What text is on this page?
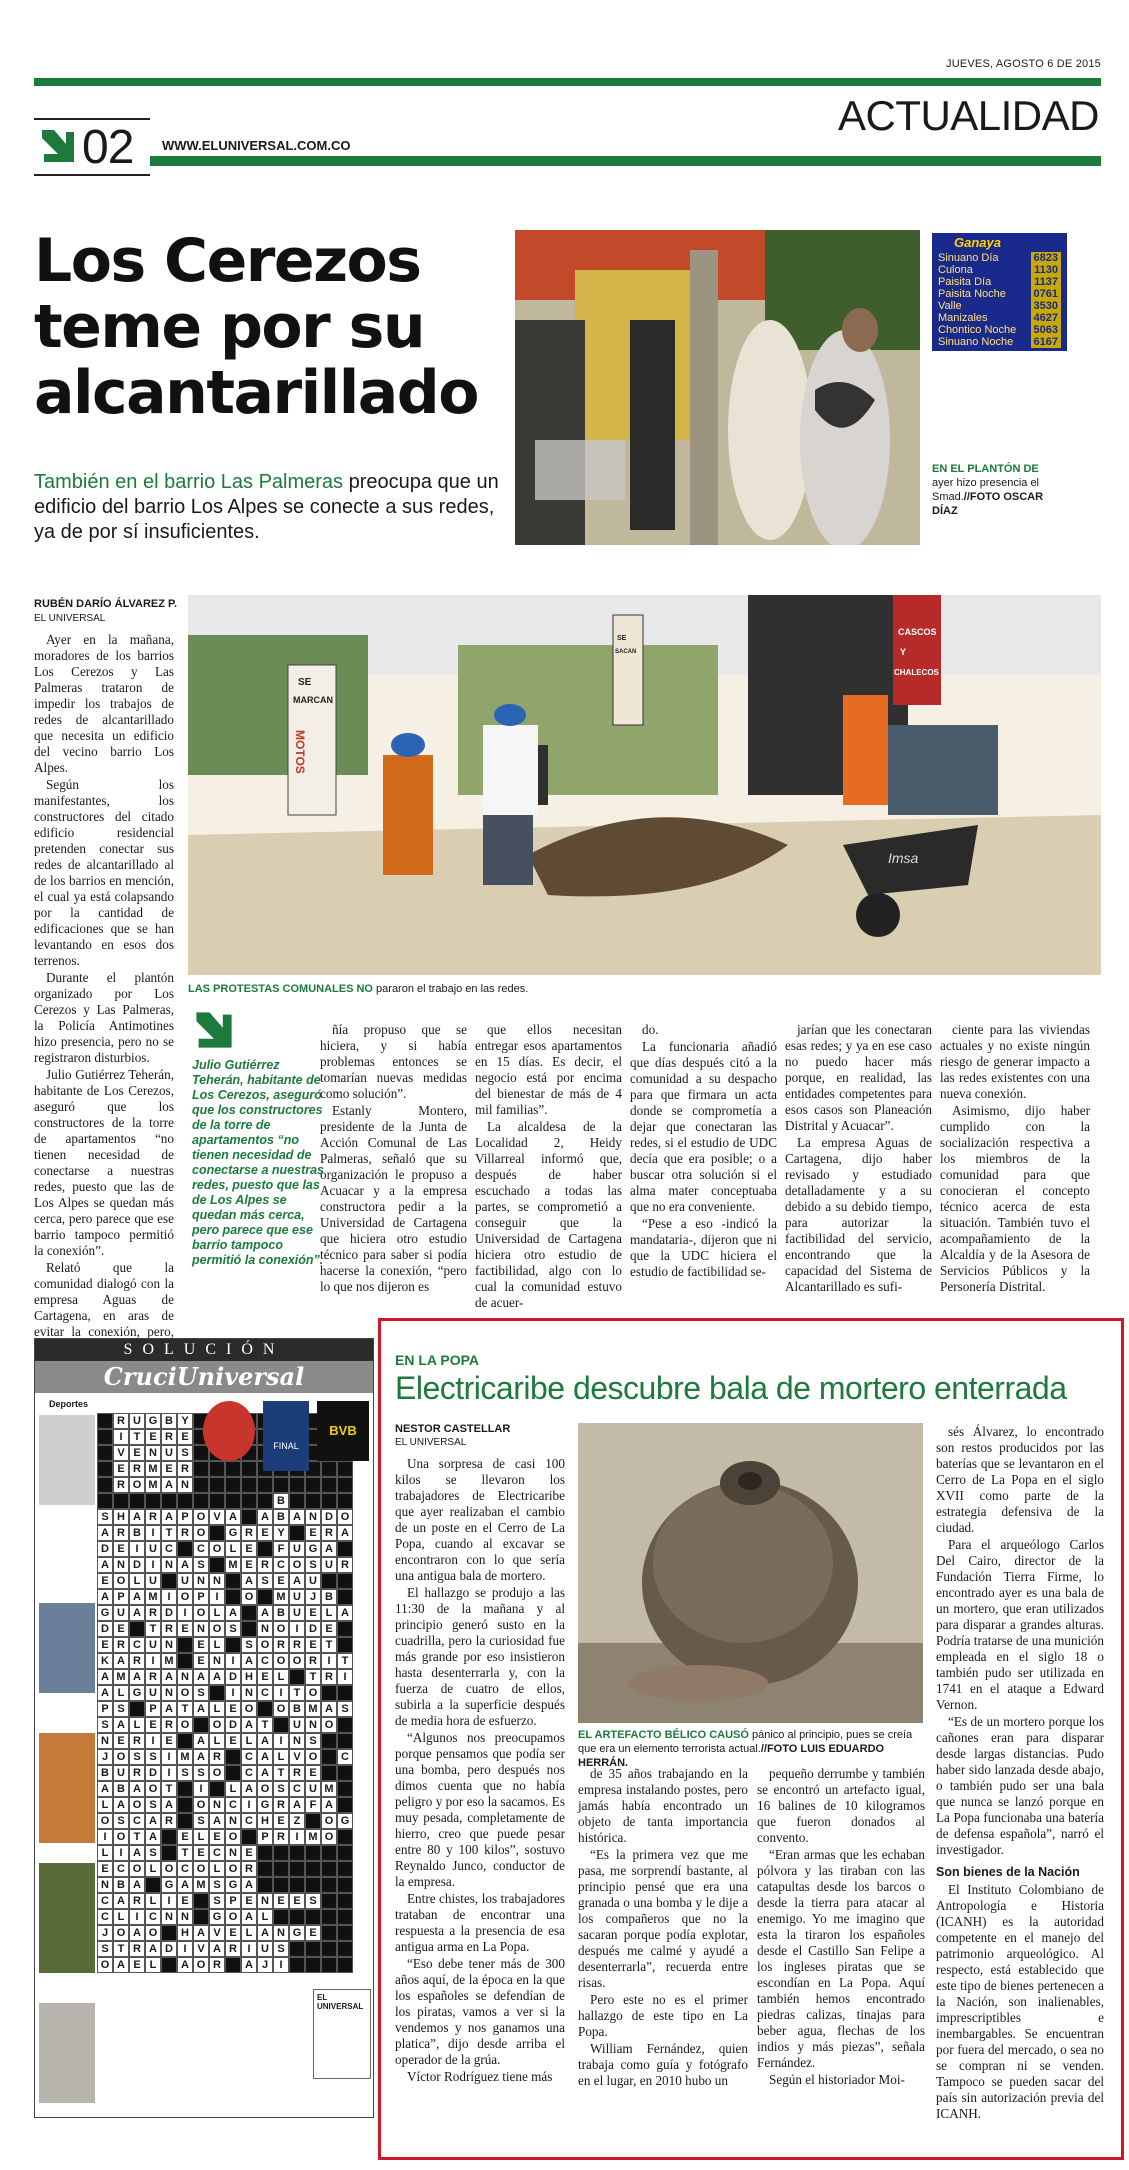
JUEVES, AGOSTO 6 DE 2015
ACTUALIDAD
02 WWW.ELUNIVERSAL.COM.CO
Los Cerezos
teme por su
alcantarillado
También en el barrio Las Palmeras preocupa que un edificio del barrio Los Alpes se conecte a sus redes, ya de por sí insuficientes.
Ganaya
Sinuano Día	6823
Culona	1130
Paisita Día	1137
Paisita Noche	0761
Valle	3530
Manizales	4627
Chontico Noche 5063
Sinuano Noche 6167
EN EL PLANTÓN DE ayer hizo presencia el Smad.//FOTO OSCAR DÍAZ
RUBÉN DARÍO ÁLVAREZ P.
EL UNIVERSAL

Ayer en la mañana, moradores de los barrios Los Cerezos y Las Palmeras trataron de impedir los trabajos de redes de alcantarillado que necesita un edificio del vecino barrio Los Alpes.

Según los manifestantes, los constructores del citado edificio residencial pretenden conectar sus redes de alcantarillado al de los barrios en mención, el cual ya está colapsando por la cantidad de edificaciones que se han levantando en esos dos terrenos.

Durante el plantón organizado por Los Cerezos y Las Palmeras, la Policía Antimotines hizo presencia, pero no se registraron disturbios.

Julio Gutiérrez Teherán, habitante de Los Cerezos, aseguró que los constructores de la torre de apartamentos “no tienen necesidad de conectarse a nuestras redes, puesto que las de Los Alpes se quedan más cerca, pero parece que ese barrio tampoco permitió la conexión”.

Relató que la comunidad dialogó con la empresa Aguas de Cartagena, en aras de evitar la conexión, pero,

SE
MARCAN
MOTOS
CASCOS
Y
CHALECOS
SE
SACAN
Imsa
LAS PROTESTAS COMUNALES NO pararon el trabajo en las redes.
Julio Gutiérrez Teherán, habitante de Los Cerezos, aseguró que los constructores de la torre de apartamentos “no tienen necesidad de conectarse a nuestras redes, puesto que las de Los Alpes se quedan más cerca, pero parece que ese barrio tampoco permitió la conexión”.

ñía propuso que se hiciera, y si había problemas entonces se tomarían nuevas medidas como solución”.

Estanly Montero, presidente de la Junta de Acción Comunal de Las Palmeras, señaló que su organización le propuso a Acuacar y a la empresa constructora pedir a la Universidad de Cartagena que hiciera otro estudio técnico para saber si podía hacerse la conexión, “pero lo que nos dijeron es

que ellos necesitan entregar esos apartamentos en 15 días. Es decir, el negocio está por encima del bienestar de más de 4 mil familias”.

La alcaldesa de la Localidad 2, Heidy Villarreal informó que, después de haber escuchado a todas las partes, se comprometió a conseguir que la Universidad de Cartagena hiciera otro estudio de factibilidad, algo con lo cual la comunidad estuvo de acuer-

do.

La funcionaria añadió que días después citó a la comunidad a su despacho para que firmara un acta donde se comprometía a dejar que conectaran las redes, si el estudio de UDC decía que era posible; o a buscar otra solución si el alma mater conceptuaba que no era conveniente.

“Pese a eso -indicó la mandataria-, dijeron que ni que la UDC hiciera el estudio de factibilidad se-

jarían que les conectaran esas redes; y ya en ese caso no puedo hacer más porque, en realidad, las entidades competentes para esos casos son Planeación Distrital y Acuacar”.

La empresa Aguas de Cartagena, dijo haber revisado y estudiado detalladamente y a su debido a su debido tiempo, para autorizar la factibilidad del servicio, encontrando que la capacidad del Sistema de Alcantarillado es sufi-

ciente para las viviendas actuales y no existe ningún riesgo de generar impacto a las redes existentes con una nueva conexión.

Asimismo, dijo haber cumplido con la socialización respectiva a los miembros de la comunidad para que conocieran el concepto técnico acerca de esta situación. También tuvo el acompañamiento de la Alcaldía y de la Asesora de Servicios Públicos y la Personería Distrital.

SOLUCIÓN
CruciUniversal
Deportes
R U G B Y
I	T E R E
V E N U S
E R M E R
R O M A N
B
S H A R A P O V A	A B A N D O
A R B I	T R O	G R E Y	E R A
D E I U C	C O L E	F U G A
A N D I N A S	M E R C O S U R
E O L U	U N N	A S E A U
A P A M I O P I	O	M U J B
G U A R D I O L A	A B U E L A
D E	T R E N O S	N O I D E
E R C U N	E L	S O R R E T
K A R I M	E N I A C O O R I	T
A M A R A N A A D H E L	T R I
A L G U N O S	I N C I	T O
P S	P A T A L E O	O B M A S
S A L E R O	O D A T	U N O
N E R I E	A L E L A I N S
J O S S I M A R	C A L V O	C
B U R D I S S O	C A T R E
A B A O T	I	L A O S C U M
L A O S A	O N C I G R A F A
O S C A R	S A N C H E Z	O G
I O T A	E L E O	P R I M O
L	I A S	T E C N E
E C O L O C O L O R
N B A	G A M S G A
C A R L	I E	S P E N E E S
C L	I C N N	G O A L
J O A O	H A V E L A N G E
S T R A D I V A R I U S
O A E L	A O R	A J	I
FINAL
BVB
EL UNIVERSAL
EN LA POPA
Electricaribe descubre bala de mortero enterrada
NESTOR CASTELLAR
EL UNIVERSAL

Una sorpresa de casi 100 kilos se llevaron los trabajadores de Electricaribe que ayer realizaban el cambio de un poste en el Cerro de La Popa, cuando al excavar se encontraron con lo que sería una antigua bala de mortero.

El hallazgo se produjo a las 11:30 de la mañana y al principio generó susto en la cuadrilla, pero la curiosidad fue más grande por eso insistieron hasta desenterrarla y, con la fuerza de cuatro de ellos, subirla a la superficie después de media hora de esfuerzo.

“Algunos nos preocupamos porque pensamos que podía ser una bomba, pero después nos dimos cuenta que no había peligro y por eso la sacamos. Es muy pesada, completamente de hierro, creo que puede pesar entre 80 y 100 kilos”, sostuvo Reynaldo Junco, conductor de la empresa.

Entre chistes, los trabajadores trataban de encontrar una respuesta a la presencia de esa antigua arma en La Popa.

“Eso debe tener más de 300 años aquí, de la época en la que los españoles se defendían de los piratas, vamos a ver si la vendemos y nos ganamos una platica”, dijo desde arriba el operador de la grúa.

Víctor Rodríguez tiene más

EL ARTEFACTO BÉLICO CAUSÓ pánico al principio, pues se creía que era un elemento terrorista actual.//FOTO LUIS EDUARDO HERRÁN.

de 35 años trabajando en la empresa instalando postes, pero jamás había encontrado un objeto de tanta importancia histórica.

“Es la primera vez que me pasa, me sorprendí bastante, al principio pensé que era una granada o una bomba y le dije a los compañeros que no la sacaran porque podía explotar, después me calmé y ayudé a desenterrarla”, recuerda entre risas.

Pero este no es el primer hallazgo de este tipo en La Popa.

William Fernández, quien trabaja como guía y fotógrafo en el lugar, en 2010 hubo un

pequeño derrumbe y también se encontró un artefacto igual, 16 balines de 10 kilogramos que fueron donados al convento.

“Eran armas que les echaban pólvora y las tiraban con las catapultas desde los barcos o desde la tierra para atacar al enemigo. Yo me imagino que esta la tiraron los españoles desde el Castillo San Felipe a los ingleses piratas que se escondían en La Popa. Aquí también hemos encontrado piedras calizas, tinajas para beber agua, flechas de los indios y más piezas”, señala Fernández.

Según el historiador Moi-

sés Álvarez, lo encontrado son restos producidos por las baterías que se levantaron en el Cerro de La Popa en el siglo XVII como parte de la estrategia defensiva de la ciudad.

Para el arqueólogo Carlos Del Cairo, director de la Fundación Tierra Firme, lo encontrado ayer es una bala de un mortero, que eran utilizados para disparar a grandes alturas. Podría tratarse de una munición empleada en el siglo 18 o también pudo ser utilizada en 1741 en el ataque a Edward Vernon.

“Es de un mortero porque los cañones eran para disparar desde largas distancias. Pudo haber sido lanzada desde abajo, o también pudo ser una bala que nunca se lanzó porque en La Popa funcionaba una batería de defensa española”, narró el investigador.

Son bienes de la Nación

El Instituto Colombiano de Antropología e Historia (ICANH) es la autoridad competente en el manejo del patrimonio arqueológico. Al respecto, está establecido que este tipo de bienes pertenecen a la Nación, son inalienables, imprescriptibles e inembargables. Se encuentran por fuera del mercado, o sea no se compran ni se venden. Tampoco se pueden sacar del país sin autorización previa del ICANH.
